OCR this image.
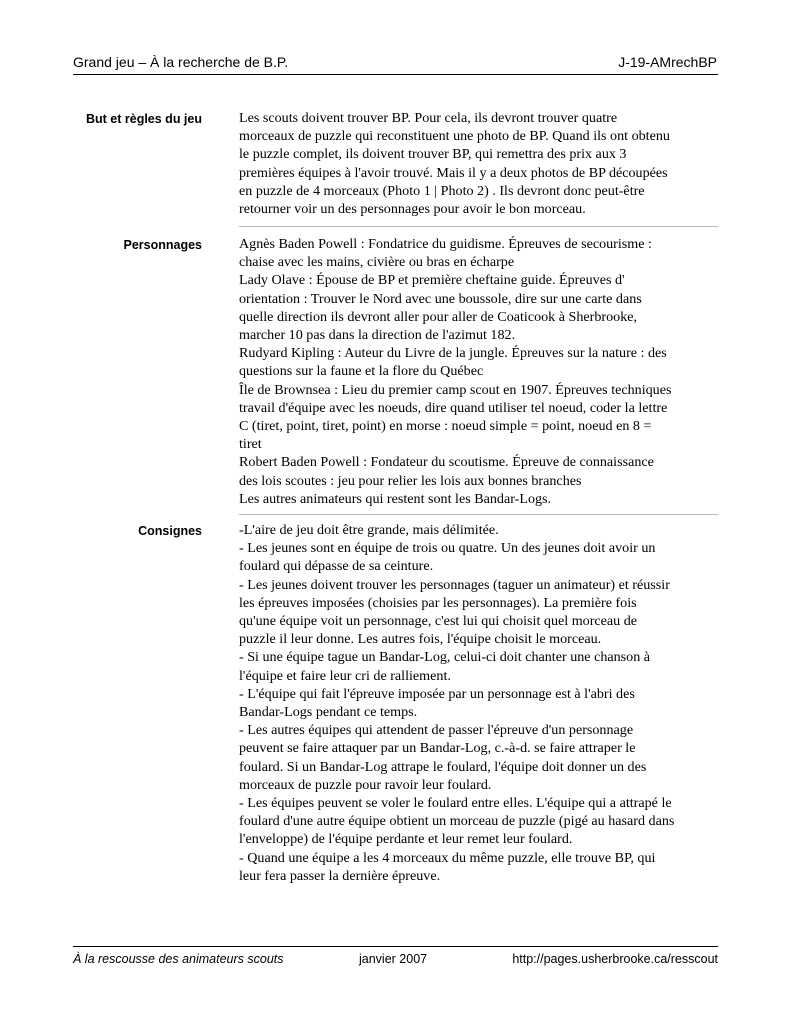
Grand jeu – À la recherche de B.P.	J-19-AMrechBP
But et règles du jeu	Les scouts doivent trouver BP. Pour cela, ils devront trouver quatre
morceaux de puzzle qui reconstituent une photo de BP. Quand ils ont obtenu
le puzzle complet, ils doivent trouver BP, qui remettra des prix aux 3
premières équipes à l'avoir trouvé. Mais il y a deux photos de BP découpées
en puzzle de 4 morceaux (Photo 1 | Photo 2) . Ils devront donc peut-être
retourner voir un des personnages pour avoir le bon morceau.
Personnages	Agnès Baden Powell : Fondatrice du guidisme. Épreuves de secourisme :
chaise avec les mains, civière ou bras en écharpe
Lady Olave : Épouse de BP et première cheftaine guide. Épreuves d'
orientation : Trouver le Nord avec une boussole, dire sur une carte dans
quelle direction ils devront aller pour aller de Coaticook à Sherbrooke,
marcher 10 pas dans la direction de l'azimut 182.
Rudyard Kipling : Auteur du Livre de la jungle. Épreuves sur la nature : des
questions sur la faune et la flore du Québec
Île de Brownsea : Lieu du premier camp scout en 1907. Épreuves techniques
travail d'équipe avec les noeuds, dire quand utiliser tel noeud, coder la lettre
C (tiret, point, tiret, point) en morse : noeud simple = point, noeud en 8 =
tiret
Robert Baden Powell : Fondateur du scoutisme. Épreuve de connaissance
des lois scoutes : jeu pour relier les lois aux bonnes branches
Les autres animateurs qui restent sont les Bandar-Logs.
Consignes	-L'aire de jeu doit être grande, mais délimitée.
- Les jeunes sont en équipe de trois ou quatre. Un des jeunes doit avoir un
foulard qui dépasse de sa ceinture.
- Les jeunes doivent trouver les personnages (taguer un animateur) et réussir
les épreuves imposées (choisies par les personnages). La première fois
qu'une équipe voit un personnage, c'est lui qui choisit quel morceau de
puzzle il leur donne. Les autres fois, l'équipe choisit le morceau.
- Si une équipe tague un Bandar-Log, celui-ci doit chanter une chanson à
l'équipe et faire leur cri de ralliement.
- L'équipe qui fait l'épreuve imposée par un personnage est à l'abri des
Bandar-Logs pendant ce temps.
- Les autres équipes qui attendent de passer l'épreuve d'un personnage
peuvent se faire attaquer par un Bandar-Log, c.-à-d. se faire attraper le
foulard. Si un Bandar-Log attrape le foulard, l'équipe doit donner un des
morceaux de puzzle pour ravoir leur foulard.
- Les équipes peuvent se voler le foulard entre elles. L'équipe qui a attrapé le
foulard d'une autre équipe obtient un morceau de puzzle (pigé au hasard dans
l'enveloppe) de l'équipe perdante et leur remet leur foulard.
- Quand une équipe a les 4 morceaux du même puzzle, elle trouve BP, qui
leur fera passer la dernière épreuve.
À la rescousse des animateurs scouts	janvier 2007	http://pages.usherbrooke.ca/resscout
